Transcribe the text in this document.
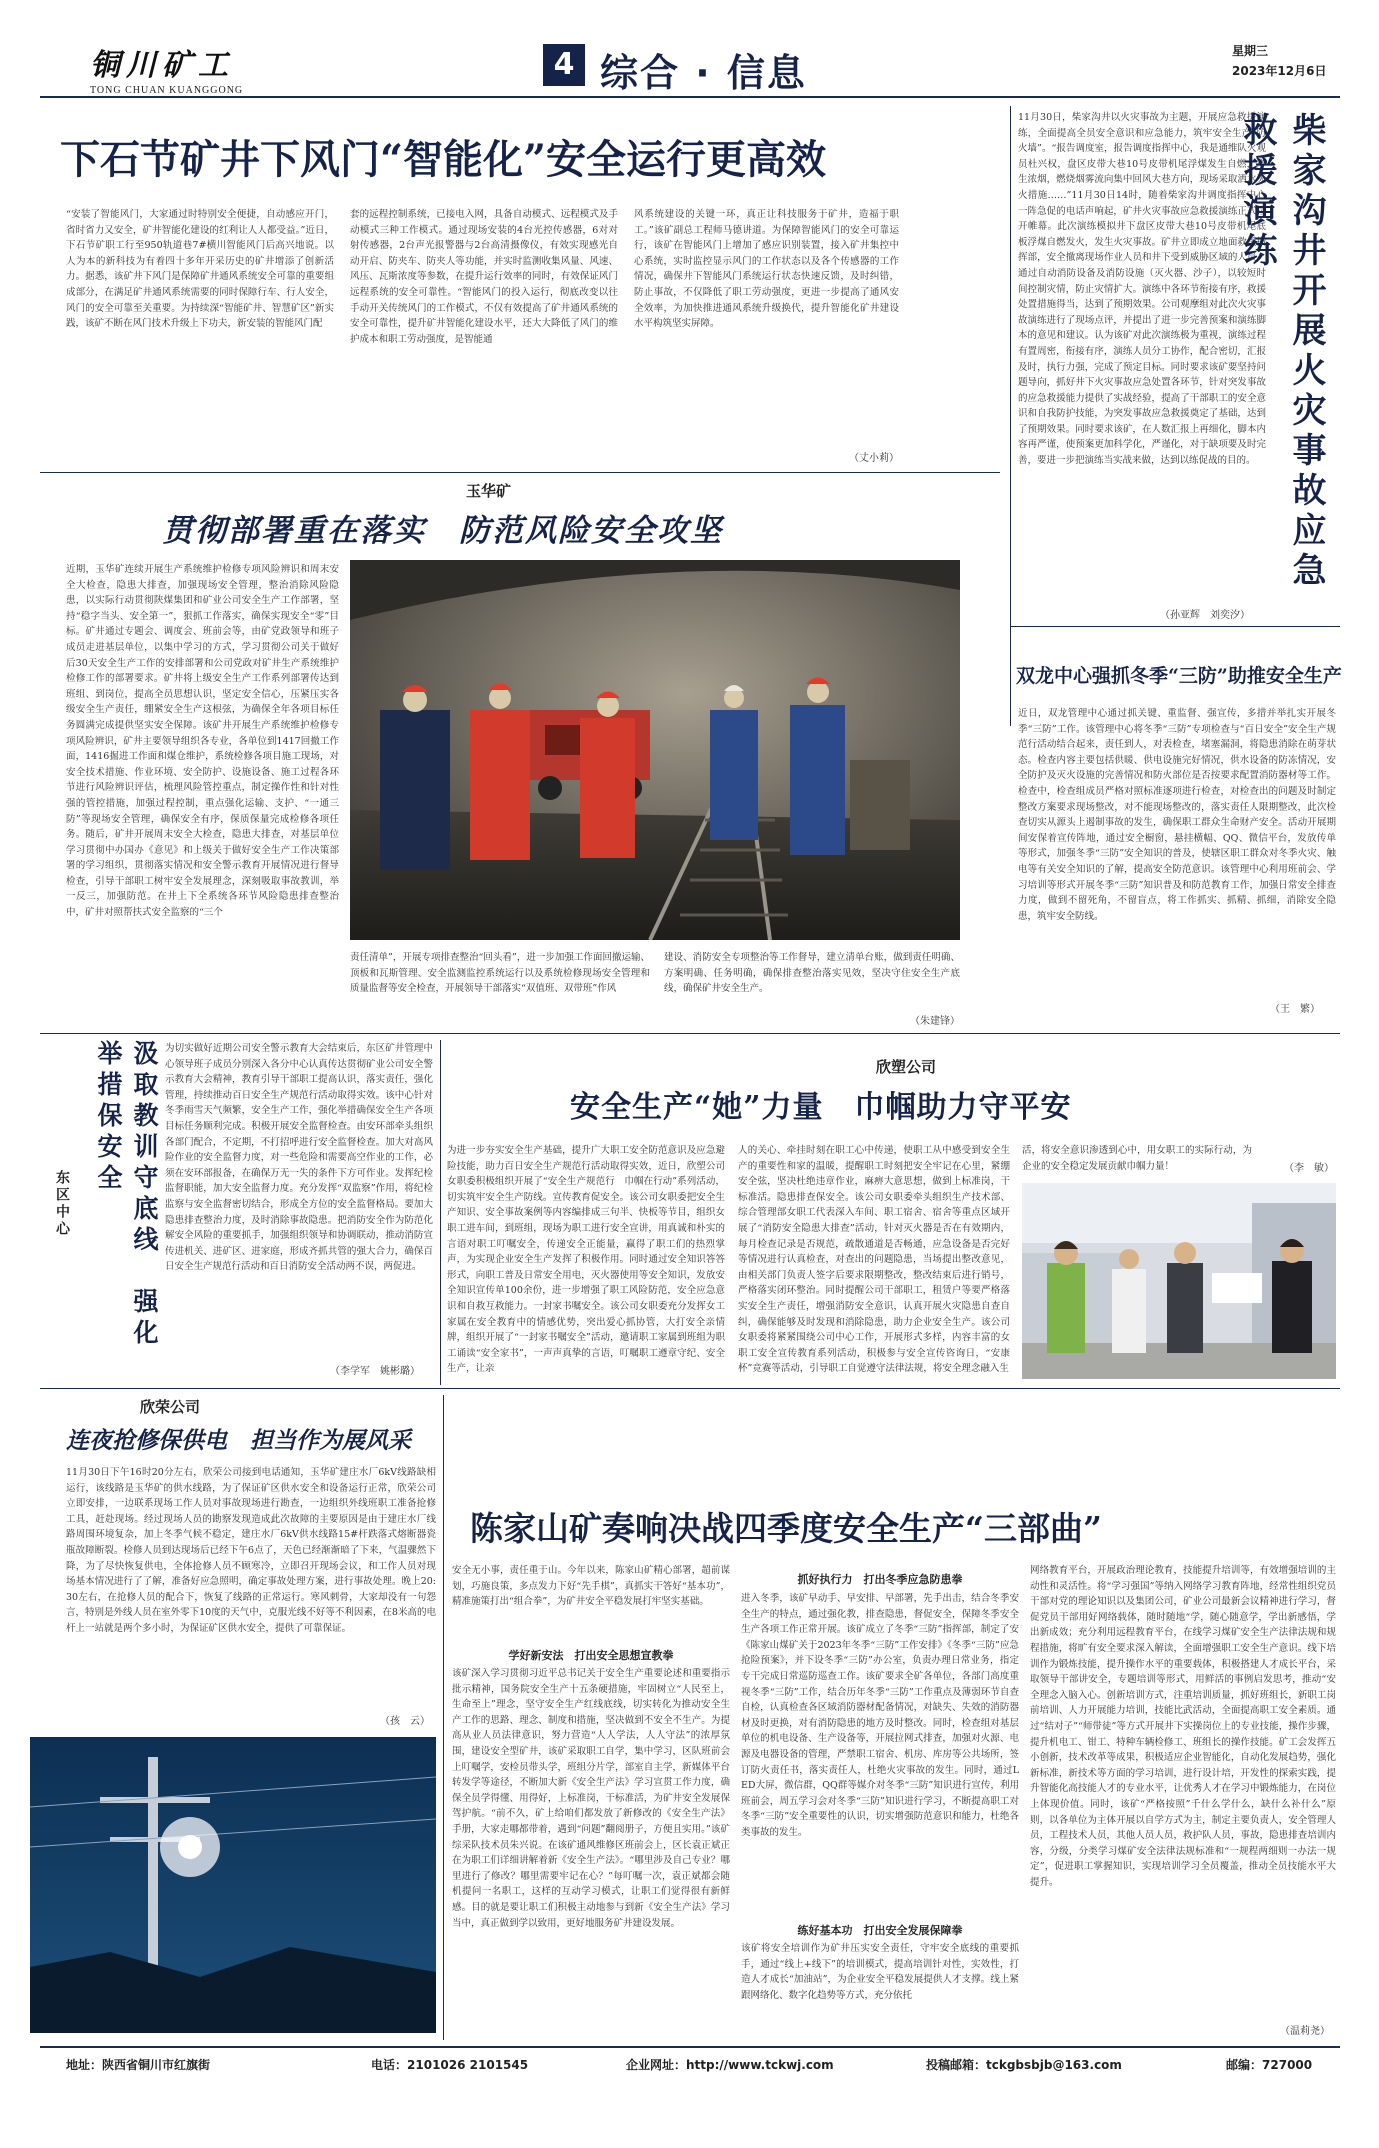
铜川矿工
TONG CHUAN KUANGGONG
4 综合 · 信息	星期三
2023年12月6日
下石节矿井下风门“智能化”安全运行更高效
“安装了智能风门，大家通过时特别安全便捷，自动感应开门，省时省力又安全，矿井智能化建设的红利让人人都受益。”近日，下石节矿职工行至950轨道巷7#横川智能风门后高兴地说。以人为本的新科技为有着四十多年开采历史的矿井增添了创新活力。据悉，该矿井下风门是保障矿井通风系统安全可靠的重要组成部分，在满足矿井通风系统需要的同时保障行车、行人安全，风门的安全可靠至关重要。为持续深“智能矿井、智慧矿区”新实践，该矿不断在风门技术升级上下功夫，新安装的智能风门配
套的远程控制系统，已接电入网，具备自动模式、远程模式及手动模式三种工作模式。通过现场安装的4台光控传感器，6对对射传感器，2台声光报警器与2台高清摄像仪，有效实现感光自动开启、防夹车、防夹人等功能，并实时监测收集风量、风速、风压、瓦斯浓度等参数，在提升运行效率的同时，有效保证风门远程系统的安全可靠性。“智能风门的投入运行，彻底改变以往手动开关传统风门的工作模式，不仅有效提高了矿井通风系统的安全可靠性，提升矿井智能化建设水平，还大大降低了风门的维护成本和职工劳动强度，是智能通
风系统建设的关键一环，真正让科技服务于矿井，造福于职工。”该矿副总工程师马德讲道。为保障智能风门的安全可靠运行，该矿在智能风门上增加了感应识别装置，接入矿井集控中心系统，实时监控显示风门的工作状态以及各个传感器的工作情况，确保井下智能风门系统运行状态快速反馈，及时纠错，防止事故，不仅降低了职工劳动强度，更进一步提高了通风安全效率，为加快推进通风系统升级换代，提升智能化矿井建设水平构筑坚实屏障。
（丈小莉）
11月30日，柴家沟井以火灾事故为主题，开展应急救援演练，全面提高全员安全意识和应急能力，筑牢安全生产“防火墙”。“报告调度室，报告调度指挥中心，我是通维队火观员杜兴权，盘区皮带大巷10号皮带机尾浮煤发生自燃，产生浓烟，燃烧烟雾流向集中回风大巷方向，现场采取洒水灭火措施……”11月30日14时，随着柴家沟井调度指挥中心一阵急促的电话声响起，矿井火灾事故应急救援演练正式拉开帷幕。此次演练模拟井下盘区皮带大巷10号皮带机尾底板浮煤自燃发火，发生火灾事故。矿井立即成立地面救援指挥部，安全撤离现场作业人员和井下受到威胁区域的人员，通过自动消防设备及消防设施（灭火器、沙子），以较短时间控制灾情，防止灾情扩大。演练中各环节衔接有序，救援处置措施得当，达到了预期效果。公司观摩组对此次火灾事故演练进行了现场点评，并提出了进一步完善预案和演练脚本的意见和建议。认为该矿对此次演练极为重视，演练过程有置周密，衔接有序，演练人员分工协作，配合密切，汇报及时，执行力强，完成了预定目标。同时要求该矿要坚持问题导向，抓好井下火灾事故应急处置各环节，针对突发事故的应急救援能力提供了实战经验，提高了干部职工的安全意识和自我防护技能，为突发事故应急救援奠定了基础，达到了预期效果。同时要求该矿，在人数汇报上再细化，脚本内容再严谨，使预案更加科学化，严谨化，对于缺项要及时完善，要进一步把演练当实战来做，达到以练促战的目的。 柴家沟井开展火灾事故应急救援演练
（孙亚辉　刘奕汐）
玉华矿
贯彻部署重在落实　防范风险安全攻坚
近期，玉华矿连续开展生产系统维护检修专项风险辨识和周末安全大检查，隐患大排查，加强现场安全管理，整治消除风险隐患，以实际行动贯彻陕煤集团和矿业公司安全生产工作部署，坚持“稳字当头、安全第一”，狠抓工作落实，确保实现安全“零”目标。矿井通过专题会、调度会、班前会等，由矿党政领导和班子成员走进基层单位，以集中学习的方式，学习贯彻公司关于做好后30天安全生产工作的安排部署和公司党政对矿井生产系统维护检修工作的部署要求。矿井将上级安全生产工作系列部署传达到班组、到岗位，提高全员思想认识，坚定安全信心，压紧压实各级安全生产责任，绷紧安全生产这根弦，为确保全年各项目标任务圆满完成提供坚实安全保障。该矿井开展生产系统维护检修专项风险辨识，矿井主要领导组织各专业，各单位到1417回撤工作面，1416掘进工作面和煤仓维护，系统检修各项目施工现场，对安全技术措施、作业环境、安全防护、设施设备、施工过程各环节进行风险辨识评估，梳理风险管控重点，制定操作性和针对性强的管控措施，加强过程控制，重点强化运输、支护、“一通三防”等现场安全管理，确保安全有序，保质保量完成检修各项任务。随后，矿井开展周末安全大检查，隐患大排查，对基层单位学习贯彻中办国办《意见》和上级关于做好安全生产工作决策部署的学习组织，贯彻落实情况和安全警示教育开展情况进行督导检查，引导干部职工树牢安全发展理念，深刻吸取事故教训，举一反三，加强防范。在井上下全系统各环节风险隐患排查整治中，矿井对照帮扶式安全监察的“三个
责任清单”，开展专项排查整治“回头看”，进一步加强工作面回撤运输、顶板和瓦斯管理、安全监测监控系统运行以及系统检修现场安全管理和质量监督等安全检查，开展领导干部落实“双值班、双带班”作风
建设、消防安全专项整治等工作督导，建立清单台账，做到责任明确、方案明确、任务明确，确保排查整治落实见效，坚决守住安全生产底线，确保矿井安全生产。
（朱建锋）
双龙中心强抓冬季“三防”助推安全生产
近日，双龙管理中心通过抓关键、重监督、强宣传，多措并举扎实开展冬季“三防”工作。该管理中心将冬季“三防”专项检查与“百日安全”安全生产规范行活动结合起来，责任到人，对表检查，堵塞漏洞，将隐患消除在萌芽状态。检查内容主要包括供暖、供电设施完好情况，供水设备的防冻情况，安全防护及灭火设施的完善情况和防火部位是否按要求配置消防器材等工作。检查中，检查组成员严格对照标准逐项进行检查，对检查出的问题及时制定整改方案要求现场整改，对不能现场整改的，落实责任人限期整改，此次检查切实从源头上遏制事故的发生，确保职工群众生命财产安全。活动开展期间安保着宣传阵地，通过安全橱窗，悬挂横幅、QQ、微信平台，发放传单等形式，加强冬季“三防”安全知识的普及，使辖区职工群众对冬季火灾、触电等有关安全知识的了解，提高安全防范意识。该管理中心利用班前会、学习培训等形式开展冬季“三防”知识普及和防范教育工作，加强日常安全排查力度，做到不留死角，不留盲点，将工作抓实、抓精、抓细，消除安全隐患，筑牢安全防线。
（王　繁）
汲取教训守底线　强化举措保安全
东区中心
为切实做好近期公司安全警示教育大会结束后，东区矿井管理中心领导班子成员分别深入各分中心认真传达贯彻矿业公司安全警示教育大会精神，教育引导干部职工提高认识，落实责任，强化管理，持续推动百日安全生产规范行活动取得实效。该中心针对冬季雨雪天气频繁，安全生产工作，强化举措确保安全生产各项目标任务顺利完成。积极开展安全监督检查。由安环部牵头组织各部门配合，不定期，不打招呼进行安全监督检查。加大对高风险作业的安全监督力度，对一些危险和需要高空作业的工作，必须在安环部报备，在确保万无一失的条件下方可作业。发挥纪检监督职能，加大安全监督力度。充分发挥“双监察”作用，将纪检监察与安全监督密切结合，形成全方位的安全监督格局。要加大隐患排查整治力度，及时消除事故隐患。把消防安全作为防范化解安全风险的重要抓手，加强组织领导和协调联动，推动消防宣传进机关、进矿区、进家庭，形成齐抓共管的强大合力，确保百日安全生产规范行活动和百日消防安全活动两不误，两促进。
（李学军　姚彬璐）
欣塑公司
安全生产“她”力量　巾帼助力守平安
为进一步夯实安全生产基础，提升广大职工安全防范意识及应急避险技能，助力百日安全生产规范行活动取得实效，近日，欣塑公司女职委积极组织开展了“安全生产规范行　巾帼在行动”系列活动，切实筑牢安全生产防线。宣传教育促安全。该公司女职委把安全生产知识、安全事故案例等内容编排成三句半、快板等节目，组织女职工进车间，到班组，现场为职工进行安全宣讲，用真诚和朴实的言语对职工叮嘱安全，传递安全正能量，赢得了职工们的热烈掌声，为实现企业安全生产发挥了积极作用。同时通过安全知识答答形式，向职工普及日常安全用电，灭火器使用等安全知识，发放安全知识宣传单100余份，进一步增强了职工风险防范，安全应急意识和自救互救能力。一封家书嘱安全。该公司女职委充分发挥女工家属在安全教育中的情感优势，突出爱心抓协管，大打安全亲情牌，组织开展了“一封家书嘱安全”活动，邀请职工家属到班组为职工诵读“安全家书”，一声声真挚的言语，叮嘱职工遵章守纪、安全生产，让亲
人的关心、牵挂时刻在职工心中传递，使职工从中感受到安全生产的重要性和家的温暖，提醒职工时刻把安全牢记在心里，紧绷安全弦，坚决杜绝违章作业，麻痹大意思想，做到上标准岗，干标准活。隐患排查保安全。该公司女职委牵头组织生产技术部、综合管理部女职工代表深入车间、职工宿舍、宿舍等重点区域开展了“消防安全隐患大排查”活动，针对灭火器是否在有效期内，每月检查记录是否规范，疏散通道是否畅通，应急设备是否完好等情况进行认真检查，对查出的问题隐患，当场提出整改意见，由相关部门负责人签字后要求限期整改，整改结束后进行销号，严格落实闭环整治。同时提醒公司干部职工，租赁户等要严格落实安全生产责任，增强消防安全意识，认真开展火灾隐患自查自纠，确保能够及时发现和消除隐患，助力企业安全生产。该公司女职委将紧紧围绕公司中心工作，开展形式多样，内容丰富的女职工安全宣传教育系列活动，积极参与安全宣传咨询日，“安康杯”竞赛等活动，引导职工自觉遵守法律法规，将安全理念融入生
活，将安全意识渗透到心中，用女职工的实际行动，为企业的安全稳定发展贡献巾帼力量！	（李　敏）
欣荣公司
连夜抢修保供电　担当作为展风采
11月30日下午16时20分左右，欣荣公司接到电话通知，玉华矿建庄水厂6kV线路缺相运行，该线路是玉华矿的供水线路，为了保证矿区供水安全和设备运行正常，欣荣公司立即安排，一边联系现场工作人员对事故现场进行勘查，一边组织外线班职工准备抢修工具，赶赴现场。经过现场人员的勘察发现造成此次故障的主要原因是由于建庄水厂线路周围环境复杂，加上冬季气候不稳定，建庄水厂6kV供水线路15#杆跌落式熔断器瓷瓶故障断裂。检修人员到达现场后已经下午6点了，天色已经渐渐暗了下来，气温骤然下降，为了尽快恢复供电，全体抢修人员不顾寒冷，立即召开现场会议，和工作人员对现场基本情况进行了了解，准备好应急照明，确定事故处理方案，进行事故处理。晚上20:30左右，在抢修人员的配合下，恢复了线路的正常运行。寒风刺骨，大家却没有一句怨言，特别是外线人员在室外零下10度的天气中，克服光线不好等不利因素，在8米高的电杆上一站就是两个多小时，为保证矿区供水安全，提供了可靠保证。
（孩　云）
陈家山矿奏响决战四季度安全生产“三部曲”
安全无小事，责任重于山。今年以来，陈家山矿精心部署，超前谋划，巧施良策，多点发力下好“先手棋”，真抓实干答好“基本功”，精准施策打出“组合拳”，为矿井安全平稳发展打牢坚实基础。
学好新安法　打出安全思想宣教拳
该矿深入学习贯彻习近平总书记关于安全生产重要论述和重要指示批示精神，国务院安全生产十五条硬措施，牢固树立“人民至上，生命至上”理念，坚守安全生产红线底线，切实转化为推动安全生产工作的思路、理念、制度和措施，坚决做到不安全不生产。为提高从业人员法律意识，努力营造“人人学法，人人守法”的浓厚氛围，建设安全型矿井，该矿采取职工自学，集中学习，区队班前会上叮嘱学，安检员带头学，班组分片学，部室自主学，新媒体平台转发学等途径，不断加大新《安全生产法》学习宣贯工作力度，确保全员学得懂、用得好，上标准岗，干标准活，为矿井安全发展保驾护航。“前不久，矿上给咱们都发放了新修改的《安全生产法》手册，大家走哪都带着，遇到“问题”翻阅册子，方便且实用。”该矿综采队技术员朱兴说。在该矿通风维修区班前会上，区长袁正斌正在为职工们详细讲解着新《安全生产法》。“哪里涉及自己专业？哪里进行了修改？哪里需要牢记在心？”每叮嘱一次，袁正斌都会随机提问一名职工，这样的互动学习模式，让职工们觉得很有新鲜感。目的就是要让职工们积极主动地参与到新《安全生产法》学习当中，真正做到学以致用，更好地服务矿井建设发展。
抓好执行力　打出冬季应急防患拳
进入冬季，该矿早动手、早安排、早部署，先手出击，结合冬季安全生产的特点，通过强化教，排查隐患，督促安全，保障冬季安全生产各项工作正常开展。该矿成立了冬季“三防”指挥部，制定了安《陈家山煤矿关于2023年冬季“三防”工作安排》《冬季“三防”应急抢险预案》，并下设冬季“三防”办公室，负责办理日常业务，指定专干完成日常巡防巡查工作。该矿要求全矿各单位，各部门高度重视冬季“三防”工作，结合历年冬季“三防”工作重点及薄弱环节自查自检，认真检查各区域消防器材配备情况，对缺失、失效的消防器材及时更换，对有消防隐患的地方及时整改。同时，检查组对基层单位的机电设备、生产设备等，开展拉网式排查，加强对火源、电源及电器设备的管理，严禁职工宿舍、机房、库房等公共场所，签订防火责任书，落实责任人，杜绝火灾事故的发生。同时，通过LED大屏，微信群，QQ群等媒介对冬季“三防”知识进行宣传，利用班前会，周五学习会对冬季“三防”知识进行学习，不断提高职工对冬季“三防”安全重要性的认识，切实增强防范意识和能力，杜绝各类事故的发生。
练好基本功　打出安全发展保障拳
该矿将安全培训作为矿井压实安全责任，守牢安全底线的重要抓手，通过“线上+线下”的培训模式，提高培训针对性，实效性，打造人才成长“加油站”，为企业安全平稳发展提供人才支撑。线上紧跟网络化、数字化趋势等方式，充分依托
网络教育平台，开展政治理论教育，技能提升培训等，有效增强培训的主动性和灵活性。将“学习强国”等纳入网络学习教育阵地，经常性组织党员干部对党的理论知识以及集团公司，矿业公司最新会议精神进行学习，督促党员干部用好网络载体，随时随地“学，随心随意学，学出新感悟，学出新成效；充分利用远程教育平台，在线学习煤矿安全生产法律法规和规程措施，将旷有安全要求深入解读，全面增强职工安全生产意识。线下培训作为锻炼技能，提升操作水平的重要载体，积极搭建人才成长平台，采取领导干部讲安全，专题培训等形式，用鲜活的事例启发思考，推动“安全理念入脑入心。创新培训方式，注重培训质量，抓好班组长，新职工岗前培训、人力开展能力培训，技能比武活动，全面提高职工安全素质。通过“结对子”“师带徒”等方式开展井下实操岗位上的专业技能，操作步骤，提升机电工、钳工、特种车辆检修工、班组长的操作技能。矿工会发挥五小创新，技术改革等成果，积极适应企业智能化，自动化发展趋势，强化新标准，新技术等方面的学习培训，进行设计培，开发性的探索实践，提升智能化高技能人才的专业水平，让优秀人才在学习中锻炼能力，在岗位上体现价值。同时，该矿“严格按照”千什么学什么，缺什么补什么”原则，以各单位为主体开展以自学方式为主，制定主要负责人，安全管理人员，工程技术人员，其他人员人员，救护队人员，事故，隐患排查培训内容，分级，分类学习煤矿安全法律法规标准和“一规程两细则一办法一规定”，促进职工掌握知识，实现培训学习全员覆盖，推动全员技能水平大提升。
（温莉尧）
地址：陕西省铜川市红旗街	电话：2101026 2101545	企业网址：http://www.tckwj.com	投稿邮箱：tckgbsbjb@163.com	邮编：727000
